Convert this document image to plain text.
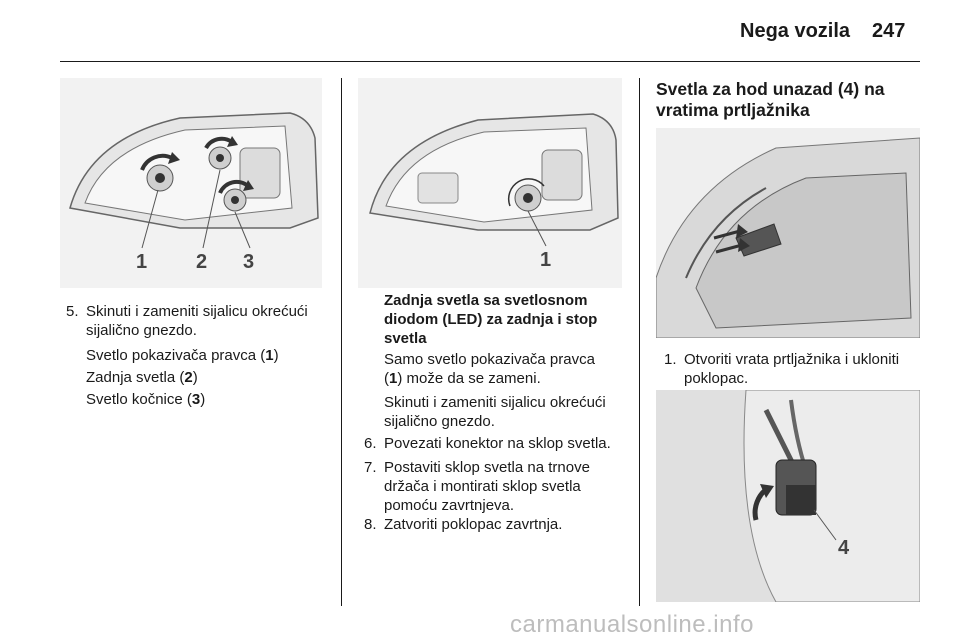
Nega vozila 247
1 2 3
5. Skinuti i zameniti sijalicu okrećući sijalično gnezdo.
Svetlo pokazivača pravca (1)
Zadnja svetla (2)
Svetlo kočnice (3)
1
Zadnja svetla sa svetlosnom diodom (LED) za zadnja i stop svetla
Samo svetlo pokazivača pravca (1) može da se zameni.
Skinuti i zameniti sijalicu okrećući sijalično gnezdo.
6. Povezati konektor na sklop svetla.
7. Postaviti sklop svetla na trnove držača i montirati sklop svetla pomoću zavrtnjeva.
8. Zatvoriti poklopac zavrtnja.
Svetla za hod unazad (4) na vratima prtljažnika
1. Otvoriti vrata prtljažnika i ukloniti poklopac.
4
carmanualsonline.info
